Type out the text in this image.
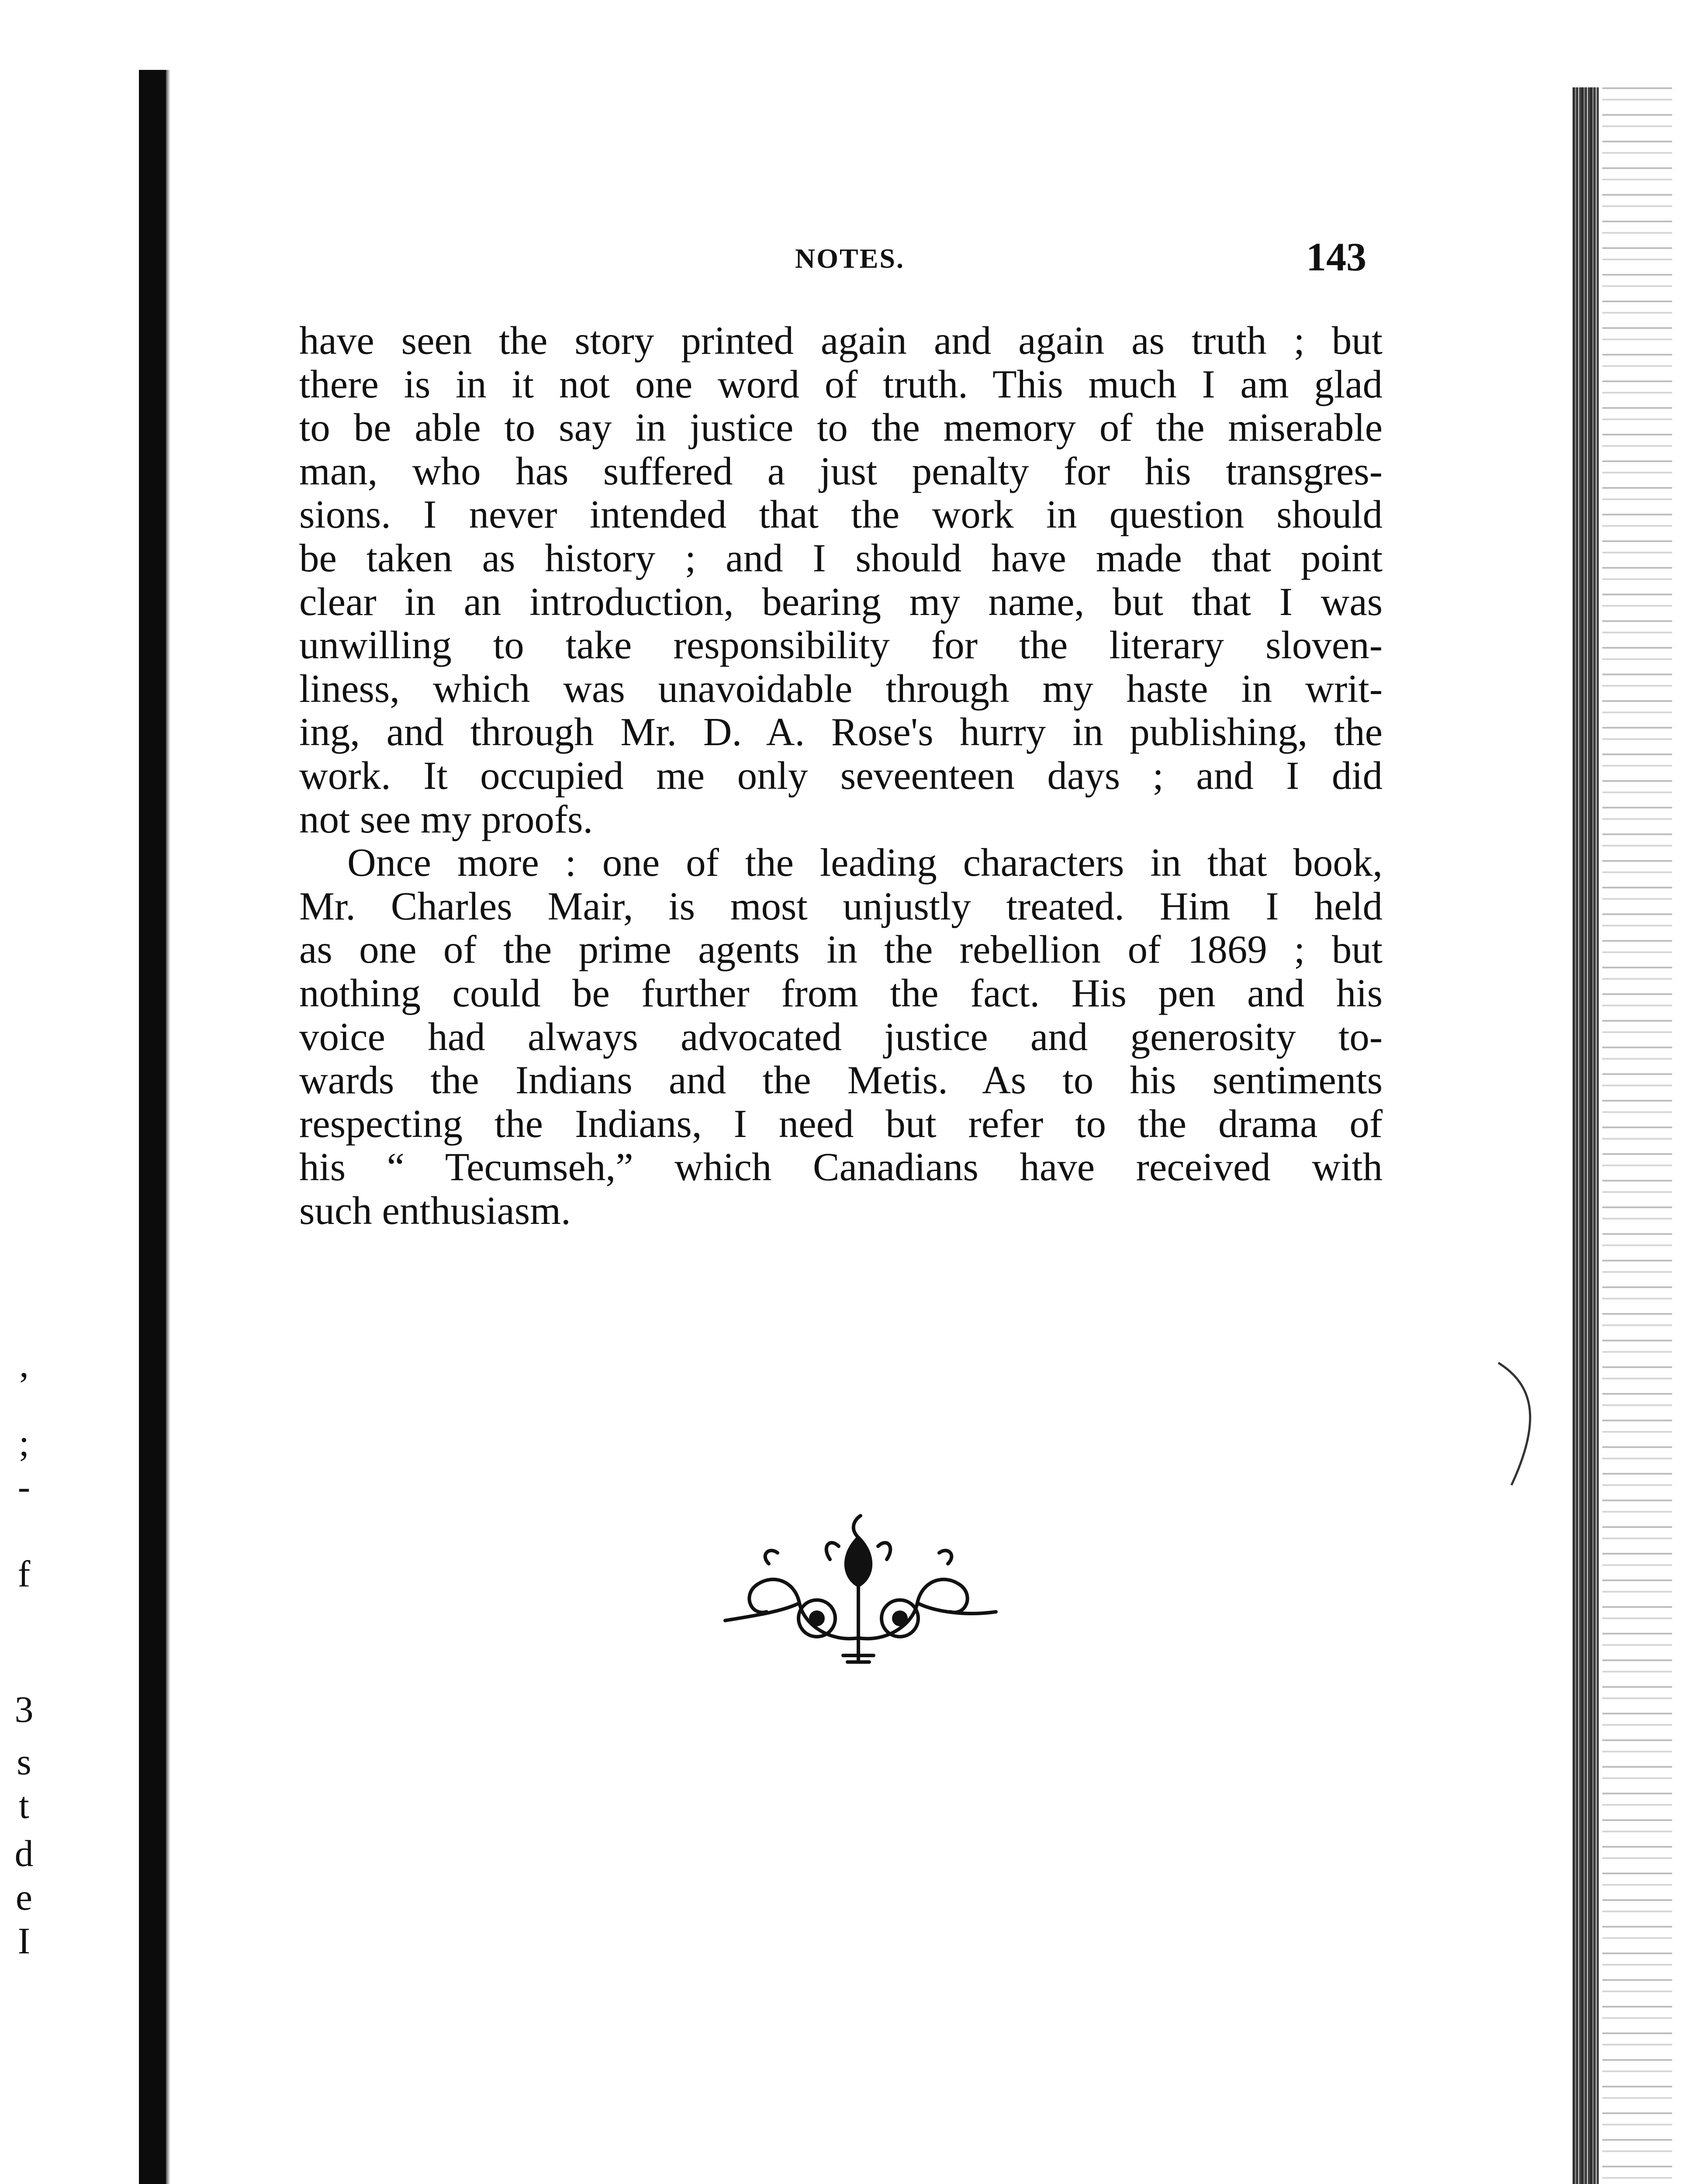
,
;
-
f
3
s
t
d
e
I
NOTES.	143

have seen the story printed again and again as truth ; but
there is in it not one word of truth. This much I am glad
to be able to say in justice to the memory of the miserable
man, who has suffered a just penalty for his transgres-
sions. I never intended that the work in question should
be taken as history ; and I should have made that point
clear in an introduction, bearing my name, but that I was
unwilling to take responsibility for the literary sloven-
liness, which was unavoidable through my haste in writ-
ing, and through Mr. D. A. Rose's hurry in publishing, the
work. It occupied me only seveenteen days ; and I did
not see my proofs.

Once more : one of the leading characters in that book,
Mr. Charles Mair, is most unjustly treated. Him I held
as one of the prime agents in the rebellion of 1869 ; but
nothing could be further from the fact. His pen and his
voice had always advocated justice and generosity to-
wards the Indians and the Metis. As to his sentiments
respecting the Indians, I need but refer to the drama of
his “ Tecumseh,” which Canadians have received with
such enthusiasm.
